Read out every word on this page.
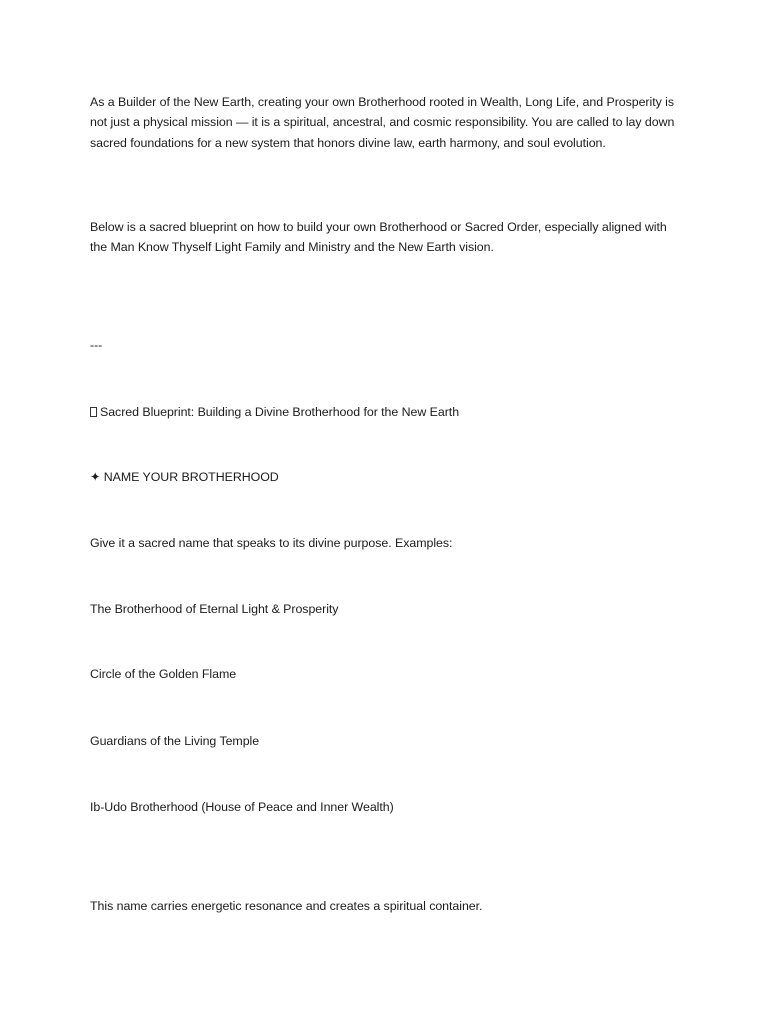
As a Builder of the New Earth, creating your own Brotherhood rooted in Wealth, Long Life, and Prosperity is not just a physical mission — it is a spiritual, ancestral, and cosmic responsibility. You are called to lay down sacred foundations for a new system that honors divine law, earth harmony, and soul evolution.

Below is a sacred blueprint on how to build your own Brotherhood or Sacred Order, especially aligned with the Man Know Thyself Light Family and Ministry and the New Earth vision.

---

Sacred Blueprint: Building a Divine Brotherhood for the New Earth

✦ NAME YOUR BROTHERHOOD

Give it a sacred name that speaks to its divine purpose. Examples:

The Brotherhood of Eternal Light & Prosperity

Circle of the Golden Flame

Guardians of the Living Temple

Ib-Udo Brotherhood (House of Peace and Inner Wealth)

This name carries energetic resonance and creates a spiritual container.
